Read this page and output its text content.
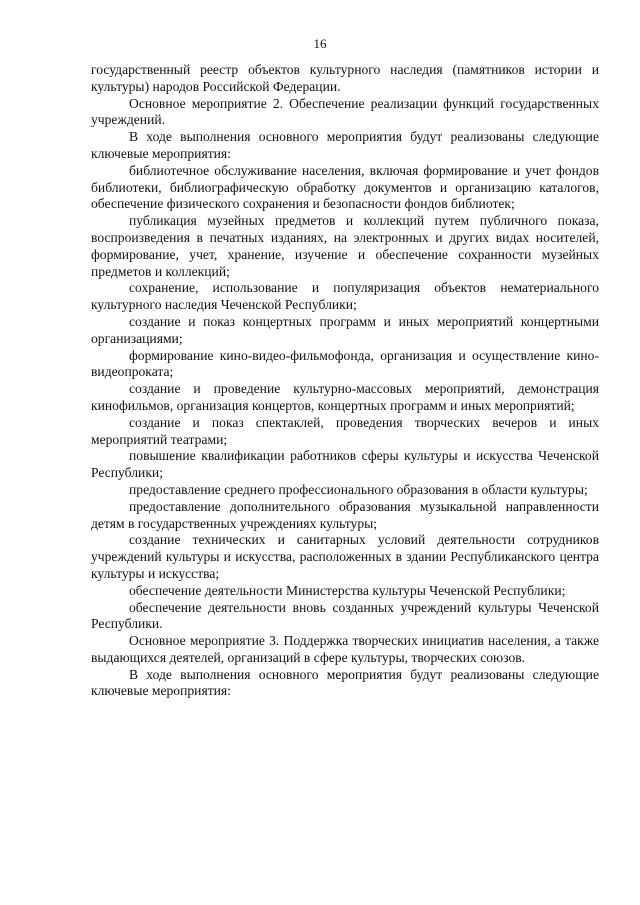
16

государственный реестр объектов культурного наследия (памятников истории и культуры) народов Российской Федерации.

Основное мероприятие 2. Обеспечение реализации функций государственных учреждений.

В ходе выполнения основного мероприятия будут реализованы следующие ключевые мероприятия:

библиотечное обслуживание населения, включая формирование и учет фондов библиотеки, библиографическую обработку документов и организацию каталогов, обеспечение физического сохранения и безопасности фондов библиотек;

публикация музейных предметов и коллекций путем публичного показа, воспроизведения в печатных изданиях, на электронных и других видах носителей, формирование, учет, хранение, изучение и обеспечение сохранности музейных предметов и коллекций;

сохранение, использование и популяризация объектов нематериального культурного наследия Чеченской Республики;

создание и показ концертных программ и иных мероприятий концертными организациями;

формирование кино-видео-фильмофонда, организация и осуществление кино-видеопроката;

создание и проведение культурно-массовых мероприятий, демонстрация кинофильмов, организация концертов, концертных программ и иных мероприятий;

создание и показ спектаклей, проведения творческих вечеров и иных мероприятий театрами;

повышение квалификации работников сферы культуры и искусства Чеченской Республики;

предоставление среднего профессионального образования в области культуры;

предоставление дополнительного образования музыкальной направленности детям в государственных учреждениях культуры;

создание технических и санитарных условий деятельности сотрудников учреждений культуры и искусства, расположенных в здании Республиканского центра культуры и искусства;

обеспечение деятельности Министерства культуры Чеченской Республики;

обеспечение деятельности вновь созданных учреждений культуры Чеченской Республики.

Основное мероприятие 3. Поддержка творческих инициатив населения, а также выдающихся деятелей, организаций в сфере культуры, творческих союзов.

В ходе выполнения основного мероприятия будут реализованы следующие ключевые мероприятия:
